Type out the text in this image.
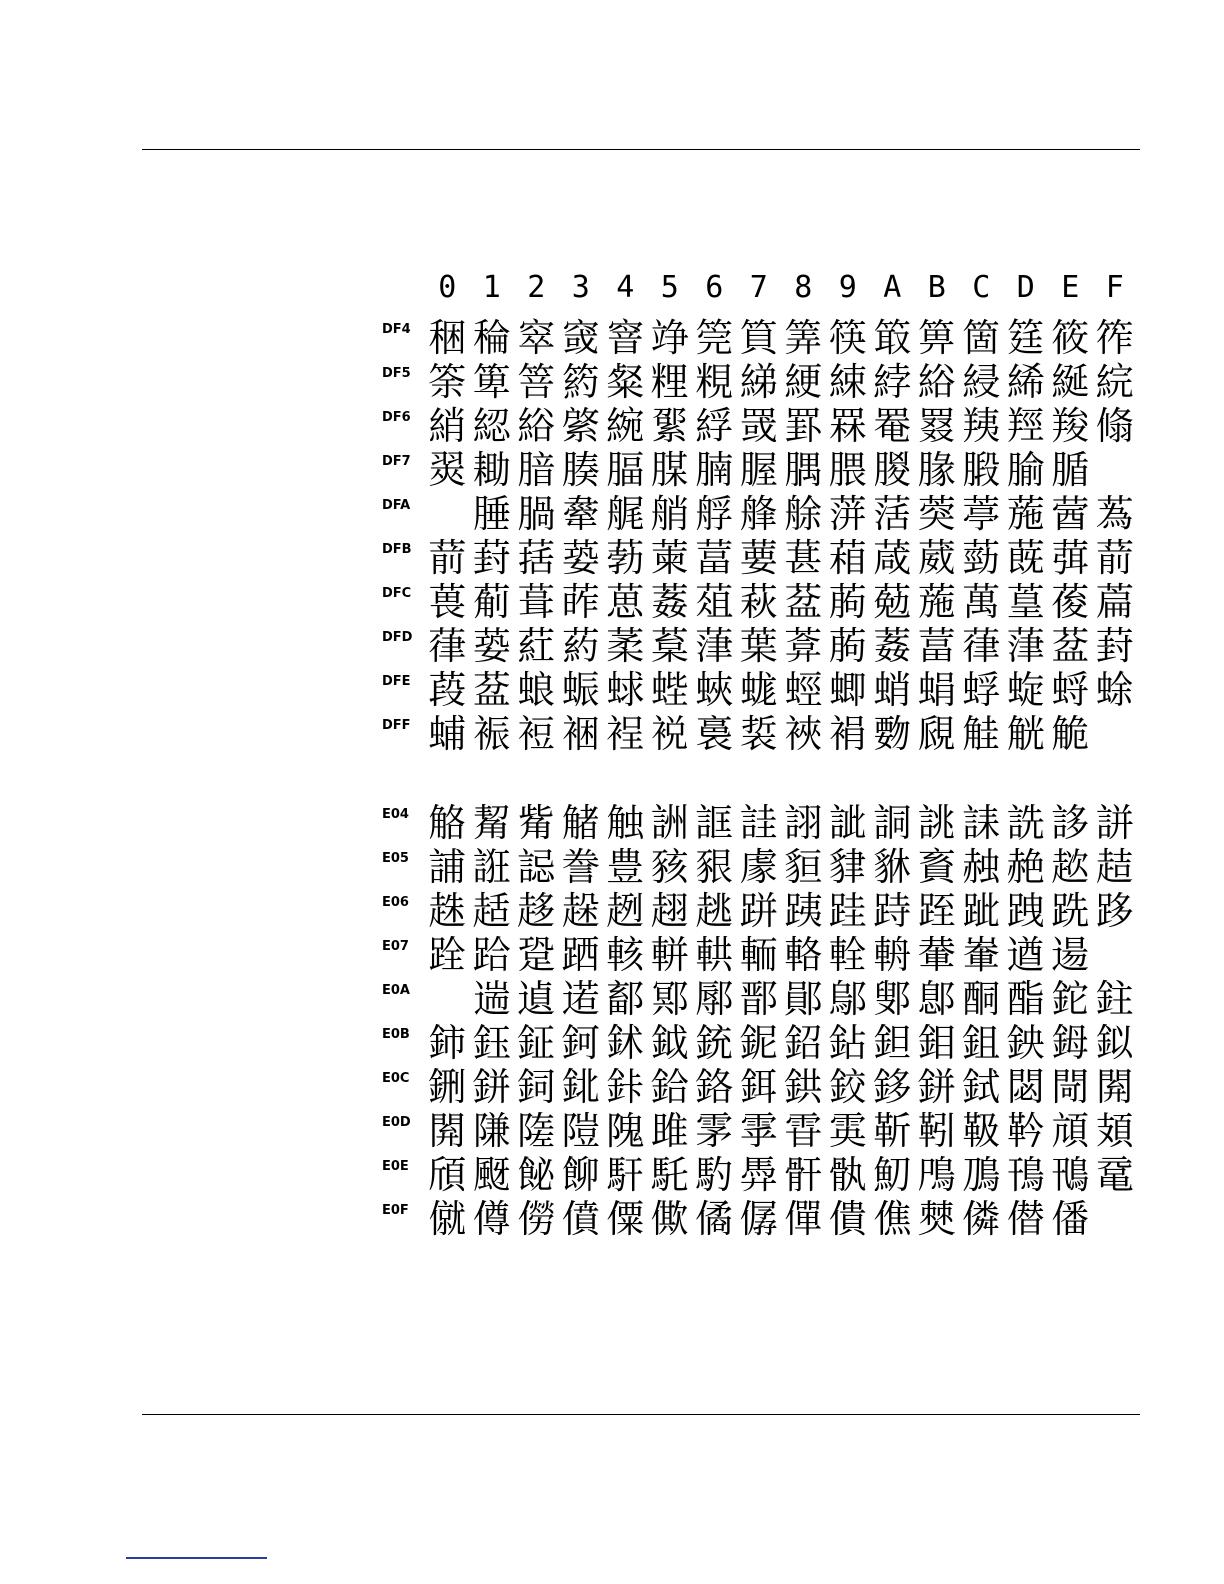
0 1 2 3 4 5 6 7 8 9 A B C D E F
DF4 稇 稐 窣 窢 窨 竫 筦 筫 筭 筷 箃 箅 箇 筳 筱 筰
DF5 筡 箄 箁 箹 粲 粴 粯 綈 綆 綀 綍 綌 綅 絺 綖 綄
DF6 綃 綛 綌 綮 綩 綤 綒 罭 罫 罧 罨 罬 羠 羥 羧 翛
DF7 翜 耡 腤 腠 腷 腜 腩 腛 腢 腲 朡 腞 腶 腧 腯
DFA	腄 腡 舝 艉 艄 艀 艂 艅 蓱 萿 葖 葶 葹 蒏 蒍
DFB 葥 葑 葀 蒆 葧 萰 葍 葽 葚 葙 葴 葳 葝 蔇 葞 葥
DFC 葨 葪 葺 葃 葸 葌 葅 萩 葐 葋 葂 葹 萬 葟 葰 萹
DFD 葎 蒆 葒 葯 葇 葈 葏 葉 葊 葋 葌 葍 葎 葏 葐 葑
DFE 葮 葐 蜋 蜄 蛷 蜌 蛺 蛖 蛵 蝍 蛸 蜎 蜉 蜁 蛶 蜍
DFF 蜅 裖 裋 裍 裎 裞 裛 裚 裌 裐 覅 覛 觟 觥 觤
E04 觡 觢 觜 觰 触 詶 誆 詿 詡 訿 詷 誂 誄 詵 誃 誁
E05 誧 誑 誋 誊 豊 豥 豤 豦 貆 貄 貅 賌 赨 赩 趑 趌
E06 趎 趏 趍 趓 趔 趐 趒 跰 跠 跬 跱 跮 跐 跩 跣 跢
E07 跧 跲 跫 跴 輆 軿 輁 輀 輅 輇 輈 輂 輋 遒 逿
E0A	遄 遉 逽 鄐 鄍 鄏 鄑 鄖 鄔 鄋 鄎 酮 酯 鉈 鉒
E0B 鈰 鈺 鉦 鈳 鉥 鉞 銃 鈮 鉊 鉆 鉭 鉬 鉏 鉠 鉧 鉯
E0C 鉶 鉼 鉰 鉳 鉲 鉿 鉻 鉺 鉷 鉸 鉹 鉼 鉽 閟 閜 閞
E0D 閞 隒 隓 隑 隗 雎 雺 雽 雸 雵 靳 靷 靸 靲 頏 頍
E0E 頎 颬 飶 飹 馯 馲 馰 馵 骭 骫 魛 鳲 鳭 鳱 鳵 鼋
E0F 僦 僔 僗 僨 僳 僛 僪 僝 僤 僓 僬 僰 僯 僣 僠
